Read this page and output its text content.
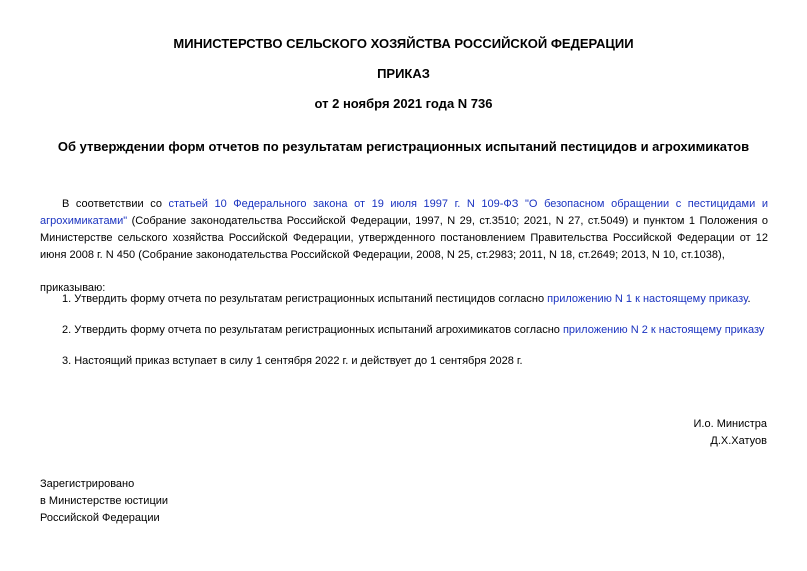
МИНИСТЕРСТВО СЕЛЬСКОГО ХОЗЯЙСТВА РОССИЙСКОЙ ФЕДЕРАЦИИ
ПРИКАЗ
от 2 ноября 2021 года N 736
Об утверждении форм отчетов по результатам регистрационных испытаний пестицидов и агрохимикатов
В соответствии со статьей 10 Федерального закона от 19 июля 1997 г. N 109-ФЗ "О безопасном обращении с пестицидами и агрохимикатами" (Собрание законодательства Российской Федерации, 1997, N 29, ст.3510; 2021, N 27, ст.5049) и пунктом 1 Положения о Министерстве сельского хозяйства Российской Федерации, утвержденного постановлением Правительства Российской Федерации от 12 июня 2008 г. N 450 (Собрание законодательства Российской Федерации, 2008, N 25, ст.2983; 2011, N 18, ст.2649; 2013, N 10, ст.1038),
приказываю:
1. Утвердить форму отчета по результатам регистрационных испытаний пестицидов согласно приложению N 1 к настоящему приказу.
2. Утвердить форму отчета по результатам регистрационных испытаний агрохимикатов согласно приложению N 2 к настоящему приказу
3. Настоящий приказ вступает в силу 1 сентября 2022 г. и действует до 1 сентября 2028 г.
И.о. Министра
Д.Х.Хатуов
Зарегистрировано
в Министерстве юстиции
Российской Федерации
